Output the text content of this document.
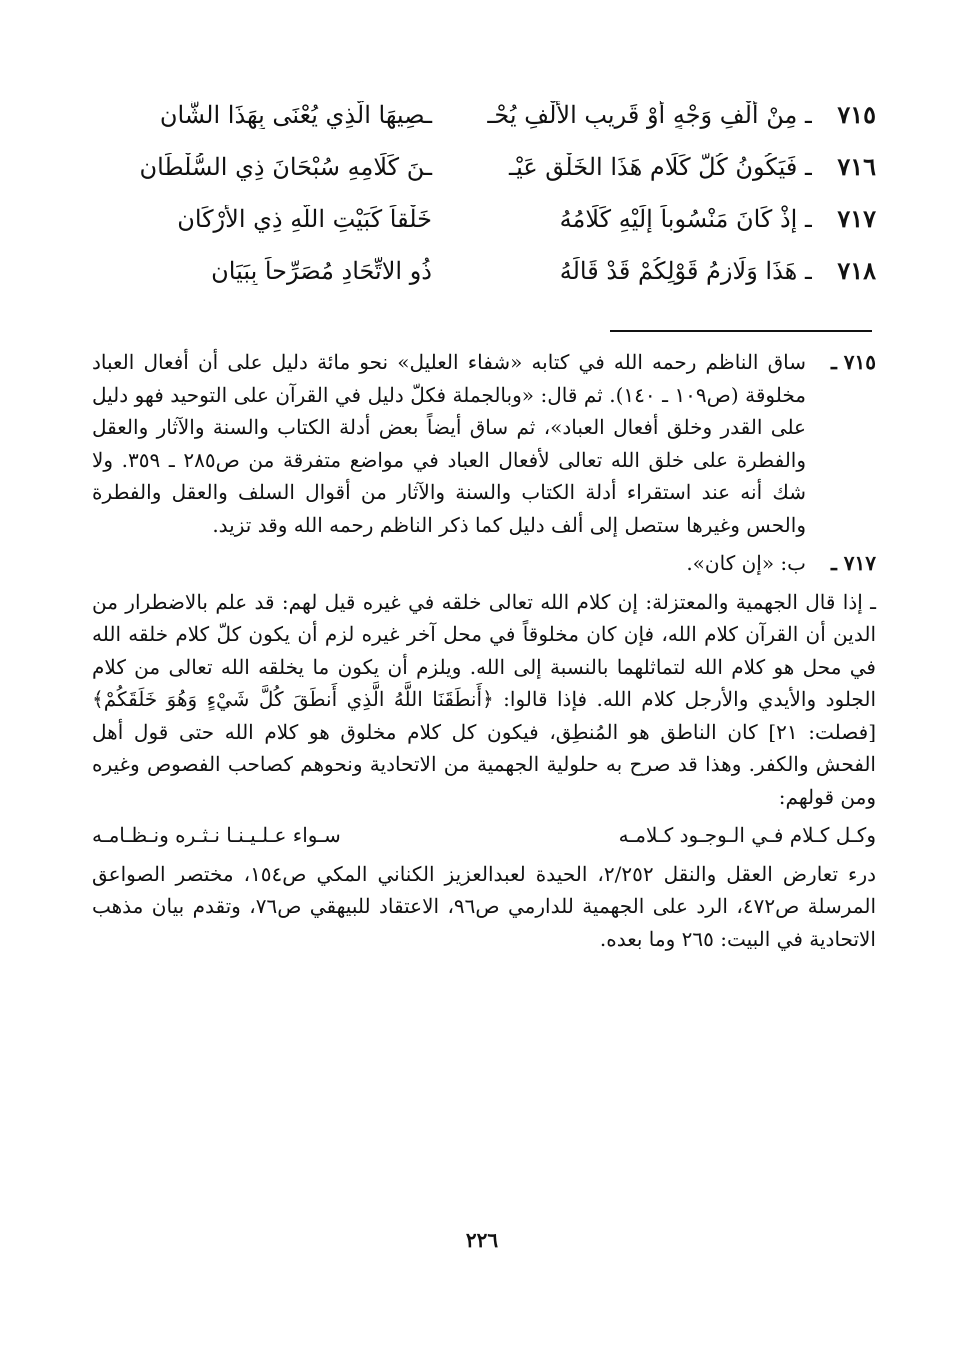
٧١٥
ـ مِنْ أَلْفِ وَجْهٍ أَوْ قَرِيبِ الأَلْفِ يُحْـ
ـصِيهَا الَّذِي يُعْنَى بِهَذَا الشَّانِ
٧١٦
ـ فَيَكُونُ كُلُّ كَلَامِ هَذَا الخَلْقِ عَيْـ
ـنَ كَلَامِهِ سُبْحَانَ ذِي السُّلْطَانِ
٧١٧
ـ إِذْ كَانَ مَنْسُوباً إِلَيْهِ كَلَامُهُ
خَلْقاً كَبَيْتِ اللَّهِ ذِي الأَرْكَانِ
٧١٨
ـ هَذَا وَلَازِمُ قَوْلِكُمْ قَدْ قَالَهُ
ذُو الاتِّحَادِ مُصَرِّحاً بِبَيَانِ
٧١٥ ـ
ساق الناظم رحمه الله في كتابه «شفاء العليل» نحو مائة دليل على أن أفعال العباد مخلوقة (ص١٠٩ ـ ١٤٠). ثم قال: «وبالجملة فكلّ دليل في القرآن على التوحيد فهو دليل على القدر وخلق أفعال العباد»، ثم ساق أيضاً بعض أدلة الكتاب والسنة والآثار والعقل والفطرة على خلق الله تعالى لأفعال العباد في مواضع متفرقة من ص٢٨٥ ـ ٣٥٩. ولا شك أنه عند استقراء أدلة الكتاب والسنة والآثار من أقوال السلف والعقل والفطرة والحس وغيرها ستصل إلى ألف دليل كما ذكر الناظم رحمه الله وقد تزيد.
٧١٧ ـ
ب: «إن كان».
ـ إذا قال الجهمية والمعتزلة: إن كلام الله تعالى خلقه في غيره قيل لهم: قد علم بالاضطرار من الدين أن القرآن كلام الله، فإن كان مخلوقاً في محل آخر غيره لزم أن يكون كلّ كلام خلقه الله في محل هو كلام الله لتماثلهما بالنسبة إلى الله. ويلزم أن يكون ما يخلقه الله تعالى من كلام الجلود والأيدي والأرجل كلام الله. فإذا قالوا: ﴿أَنطَقَنَا اللَّهُ الَّذِي أَنطَقَ كُلَّ شَيْءٍ وَهُوَ خَلَقَكُمْ﴾ [فصلت: ٢١] كان الناطق هو المُنطِق، فيكون كل كلام مخلوق هو كلام الله حتى قول أهل الفحش والكفر. وهذا قد صرح به حلولية الجهمية من الاتحادية ونحوهم كصاحب الفصوص وغيره ومن قولهم:
وكـل كـلام فـي الـوجـود كـلامـه
سـواء عـلـيـنـا نـثـره ونـظـامـه
درء تعارض العقل والنقل ٢/٢٥٢، الحيدة لعبدالعزيز الكناني المكي ص١٥٤، مختصر الصواعق المرسلة ص٤٧٢، الرد على الجهمية للدارمي ص٩٦، الاعتقاد للبيهقي ص٧٦، وتقدم بيان مذهب الاتحادية في البيت: ٢٦٥ وما بعده.
٢٢٦
